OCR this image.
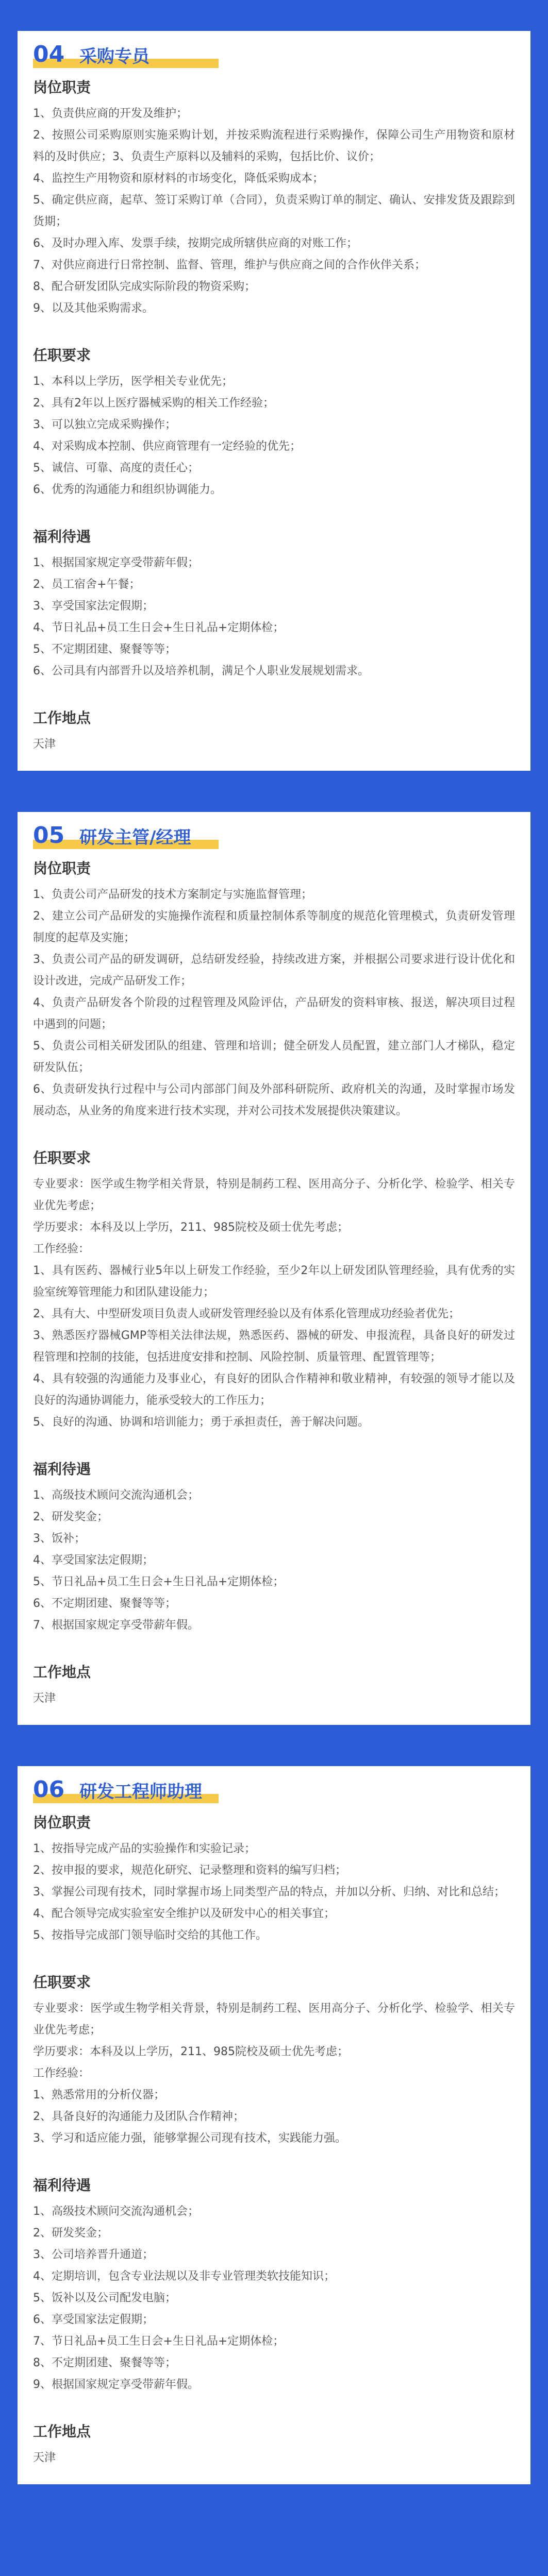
04 采购专员
岗位职责
1、负责供应商的开发及维护；
2、按照公司采购原则实施采购计划，并按采购流程进行采购操作，保障公司生产用物资和原材料的及时供应；3、负责生产原料以及辅料的采购，包括比价、议价；
4、监控生产用物资和原材料的市场变化，降低采购成本；
5、确定供应商，起草、签订采购订单（合同），负责采购订单的制定、确认、安排发货及跟踪到货期；
6、及时办理入库、发票手续，按期完成所辖供应商的对账工作；
7、对供应商进行日常控制、监督、管理，维护与供应商之间的合作伙伴关系；
8、配合研发团队完成实际阶段的物资采购；
9、以及其他采购需求。
任职要求
1、本科以上学历，医学相关专业优先；
2、具有2年以上医疗器械采购的相关工作经验；
3、可以独立完成采购操作；
4、对采购成本控制、供应商管理有一定经验的优先；
5、诚信、可靠、高度的责任心；
6、优秀的沟通能力和组织协调能力。
福利待遇
1、根据国家规定享受带薪年假；
2、员工宿舍+午餐；
3、享受国家法定假期；
4、节日礼品+员工生日会+生日礼品+定期体检；
5、不定期团建、聚餐等等；
6、公司具有内部晋升以及培养机制，满足个人职业发展规划需求。
工作地点
天津
05 研发主管/经理
岗位职责
1、负责公司产品研发的技术方案制定与实施监督管理；
2、建立公司产品研发的实施操作流程和质量控制体系等制度的规范化管理模式，负责研发管理制度的起草及实施；
3、负责公司产品的研发调研，总结研发经验，持续改进方案，并根据公司要求进行设计优化和设计改进，完成产品研发工作；
4、负责产品研发各个阶段的过程管理及风险评估，产品研发的资料审核、报送，解决项目过程中遇到的问题；
5、负责公司相关研发团队的组建、管理和培训；健全研发人员配置，建立部门人才梯队，稳定研发队伍；
6、负责研发执行过程中与公司内部部门间及外部科研院所、政府机关的沟通，及时掌握市场发展动态，从业务的角度来进行技术实现，并对公司技术发展提供决策建议。
任职要求
专业要求：医学或生物学相关背景，特别是制药工程、医用高分子、分析化学、检验学、相关专业优先考虑；
学历要求：本科及以上学历，211、985院校及硕士优先考虑；
工作经验：
1、具有医药、器械行业5年以上研发工作经验，至少2年以上研发团队管理经验，具有优秀的实验室统筹管理能力和团队建设能力；
2、具有大、中型研发项目负责人或研发管理经验以及有体系化管理成功经验者优先；
3、熟悉医疗器械GMP等相关法律法规，熟悉医药、器械的研发、申报流程，具备良好的研发过程管理和控制的技能，包括进度安排和控制、风险控制、质量管理、配置管理等；
4、具有较强的沟通能力及事业心，有良好的团队合作精神和敬业精神，有较强的领导才能以及良好的沟通协调能力，能承受较大的工作压力；
5、良好的沟通、协调和培训能力；勇于承担责任，善于解决问题。
福利待遇
1、高级技术顾问交流沟通机会；
2、研发奖金；
3、饭补；
4、享受国家法定假期；
5、节日礼品+员工生日会+生日礼品+定期体检；
6、不定期团建、聚餐等等；
7、根据国家规定享受带薪年假。
工作地点
天津
06 研发工程师助理
岗位职责
1、按指导完成产品的实验操作和实验记录；
2、按申报的要求，规范化研究、记录整理和资料的编写归档；
3、掌握公司现有技术，同时掌握市场上同类型产品的特点，并加以分析、归纳、对比和总结；
4、配合领导完成实验室安全维护以及研发中心的相关事宜；
5、按指导完成部门领导临时交给的其他工作。
任职要求
专业要求：医学或生物学相关背景，特别是制药工程、医用高分子、分析化学、检验学、相关专业优先考虑；
学历要求：本科及以上学历，211、985院校及硕士优先考虑；
工作经验：
1、熟悉常用的分析仪器；
2、具备良好的沟通能力及团队合作精神；
3、学习和适应能力强，能够掌握公司现有技术，实践能力强。
福利待遇
1、高级技术顾问交流沟通机会；
2、研发奖金；
3、公司培养晋升通道；
4、定期培训，包含专业法规以及非专业管理类软技能知识；
5、饭补以及公司配发电脑；
6、享受国家法定假期；
7、节日礼品+员工生日会+生日礼品+定期体检；
8、不定期团建、聚餐等等；
9、根据国家规定享受带薪年假。
工作地点
天津
